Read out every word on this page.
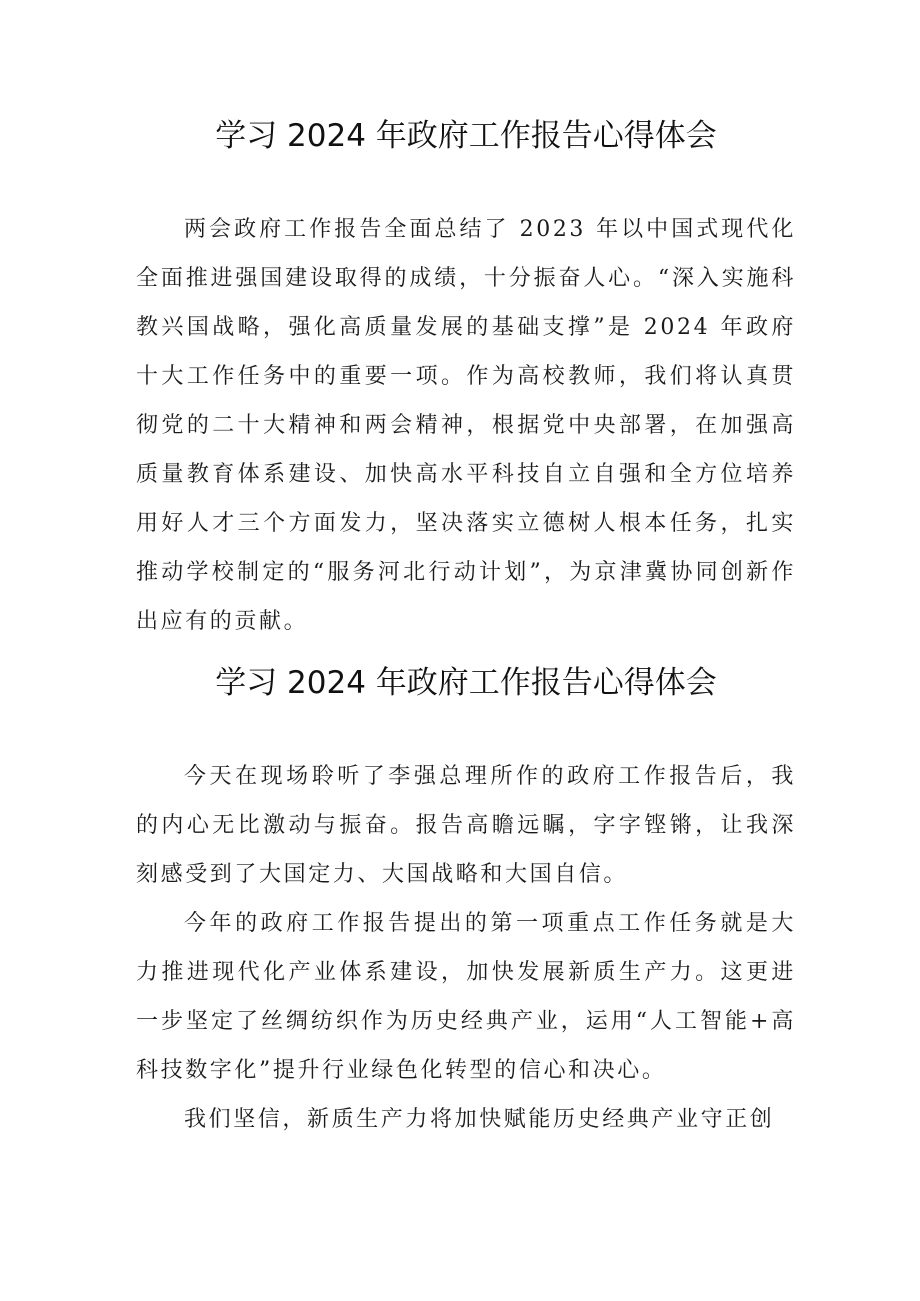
学习 2024 年政府工作报告心得体会

两会政府工作报告全面总结了 2023 年以中国式现代化全面推进强国建设取得的成绩，十分振奋人心。“深入实施科教兴国战略，强化高质量发展的基础支撑”是 2024 年政府十大工作任务中的重要一项。作为高校教师，我们将认真贯彻党的二十大精神和两会精神，根据党中央部署，在加强高质量教育体系建设、加快高水平科技自立自强和全方位培养用好人才三个方面发力，坚决落实立德树人根本任务，扎实推动学校制定的“服务河北行动计划”，为京津冀协同创新作出应有的贡献。

学习 2024 年政府工作报告心得体会

今天在现场聆听了李强总理所作的政府工作报告后，我的内心无比激动与振奋。报告高瞻远瞩，字字铿锵，让我深刻感受到了大国定力、大国战略和大国自信。

今年的政府工作报告提出的第一项重点工作任务就是大力推进现代化产业体系建设，加快发展新质生产力。这更进一步坚定了丝绸纺织作为历史经典产业，运用“人工智能+高科技数字化”提升行业绿色化转型的信心和决心。

我们坚信，新质生产力将加快赋能历史经典产业守正创
